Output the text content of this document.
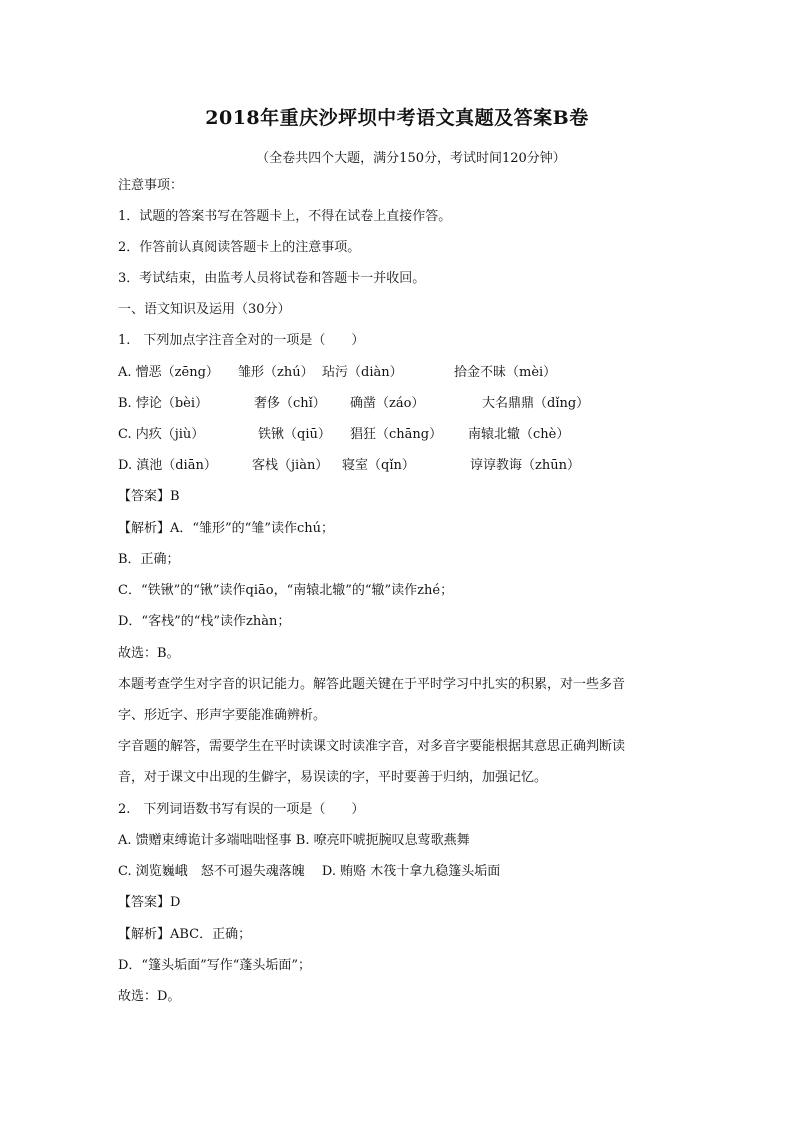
2018年重庆沙坪坝中考语文真题及答案B卷
（全卷共四个大题，满分150分，考试时间120分钟）
注意事项：
1．试题的答案书写在答题卡上，不得在试卷上直接作答。
2．作答前认真阅读答题卡上的注意事项。
3．考试结束，由监考人员将试卷和答题卡一并收回。
一、语文知识及运用（30分）
1.　下列加点字注音全对的一项是（　　）
A. 憎恶（zēng） 雏形（zhú） 玷污（diàn）	拾金不昧（mèi）
B. 悖论（bèi）	奢侈（chǐ） 确凿（záo）	大名鼎鼎（dǐng）
C. 内疚（jiù）	铁锹（qiū） 猖狂（chāng） 南辕北辙（chè）
D. 滇池（diān）	客栈（jiàn） 寝室（qǐn）	谆谆教诲（zhūn）
【答案】B
【解析】A．“雏形”的“雏”读作chú；
B．正确；
C．“铁锹”的“锹”读作qiāo，“南辕北辙”的“辙”读作zhé；
D．“客栈”的“栈”读作zhàn；
故选：B。
本题考查学生对字音的识记能力。解答此题关键在于平时学习中扎实的积累，对一些多音
字、形近字、形声字要能准确辨析。
字音题的解答，需要学生在平时读课文时读准字音，对多音字要能根据其意思正确判断读
音，对于课文中出现的生僻字，易误读的字，平时要善于归纳，加强记忆。
2.　下列词语数书写有误的一项是（　　）
A. 馈赠束缚诡计多端咄咄怪事 B. 嘹亮吓唬扼腕叹息莺歌燕舞
C. 浏览巍峨　怒不可遏失魂落魄　 D. 贿赂 木筏十拿九稳篷头垢面
【答案】D
【解析】ABC．正确；
D．“篷头垢面”写作“蓬头垢面”；
故选：D。
